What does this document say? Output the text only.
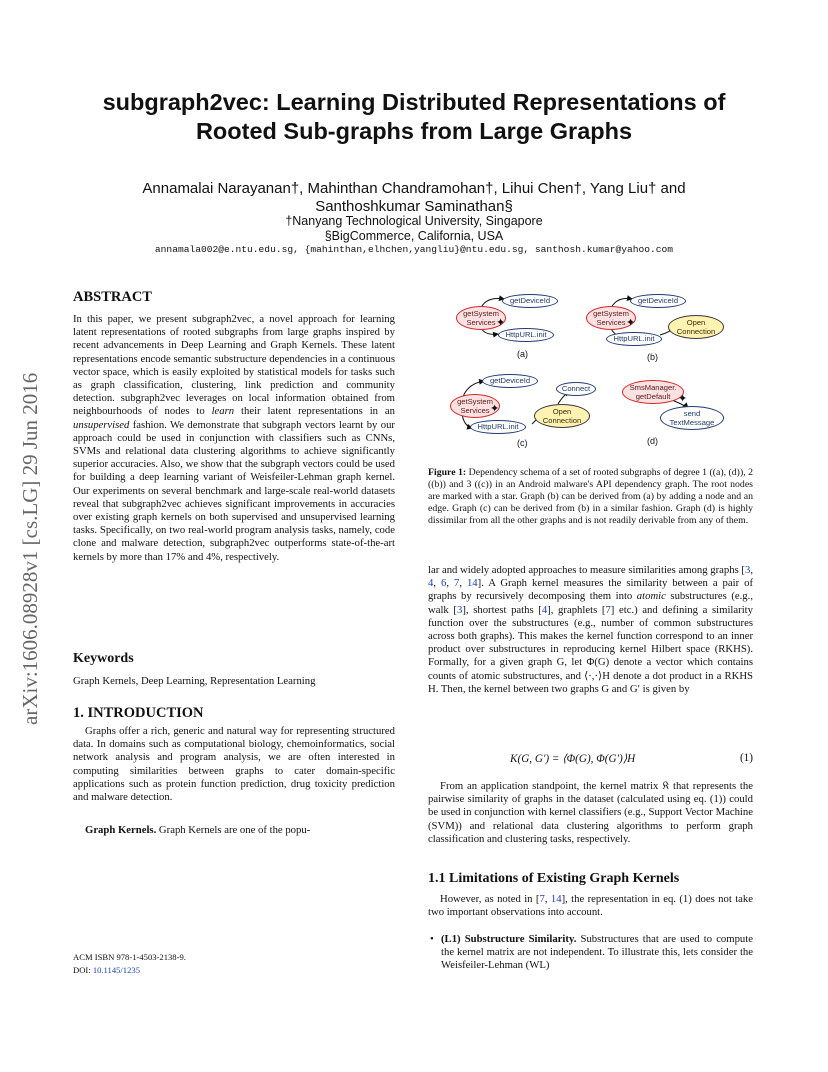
subgraph2vec: Learning Distributed Representations of
Rooted Sub-graphs from Large Graphs
Annamalai Narayanan†, Mahinthan Chandramohan†, Lihui Chen†, Yang Liu† and
Santhoshkumar Saminathan§
†Nanyang Technological University, Singapore
§BigCommerce, California, USA
annamala002@e.ntu.edu.sg, {mahinthan,elhchen,yangliu}@ntu.edu.sg, santhosh.kumar@yahoo.com
arXiv:1606.08928v1 [cs.LG] 29 Jun 2016
ABSTRACT

In this paper, we present subgraph2vec, a novel approach for learning latent representations of rooted subgraphs from large graphs inspired by recent advancements in Deep Learning and Graph Kernels. These latent representations encode semantic substructure dependencies in a continuous vector space, which is easily exploited by statistical models for tasks such as graph classification, clustering, link prediction and community detection. subgraph2vec leverages on local information obtained from neighbourhoods of nodes to learn their latent representations in an unsupervised fashion. We demonstrate that subgraph vectors learnt by our approach could be used in conjunction with classifiers such as CNNs, SVMs and relational data clustering algorithms to achieve significantly superior accuracies. Also, we show that the subgraph vectors could be used for building a deep learning variant of Weisfeiler-Lehman graph kernel. Our experiments on several benchmark and large-scale real-world datasets reveal that subgraph2vec achieves significant improvements in accuracies over existing graph kernels on both supervised and unsupervised learning tasks. Specifically, on two real-world program analysis tasks, namely, code clone and malware detection, subgraph2vec outperforms state-of-the-art kernels by more than 17% and 4%, respectively.

Keywords

Graph Kernels, Deep Learning, Representation Learning

1. INTRODUCTION

Graphs offer a rich, generic and natural way for representing structured data. In domains such as computational biology, chemoinformatics, social network analysis and program analysis, we are often interested in computing similarities between graphs to cater domain-specific applications such as protein function prediction, drug toxicity prediction and malware detection.

Graph Kernels. Graph Kernels are one of the popu-

ACM ISBN 978-1-4503-2138-9.
DOI: 10.1145/1235
getDeviceId
getSystem
Services ✦
HttpURL.init
(a)
getDeviceId
getSystem
Services ✦	Open
Connection
HttpURL.init
(b)
getDeviceId
getSystem
Services ✦	Open
Connection
Connect
HttpURL.init
(c)
SmsManager.
getDefault ✦
send
TextMessage
(d)

Figure 1: Dependency schema of a set of rooted subgraphs of degree 1 ((a), (d)), 2 ((b)) and 3 ((c)) in an Android malware's API dependency graph. The root nodes are marked with a star. Graph (b) can be derived from (a) by adding a node and an edge. Graph (c) can be derived from (b) in a similar fashion. Graph (d) is highly dissimilar from all the other graphs and is not readily derivable from any of them.

lar and widely adopted approaches to measure similarities among graphs [3, 4, 6, 7, 14]. A Graph kernel measures the similarity between a pair of graphs by recursively decomposing them into atomic substructures (e.g., walk [3], shortest paths [4], graphlets [7] etc.) and defining a similarity function over the substructures (e.g., number of common substructures across both graphs). This makes the kernel function correspond to an inner product over substructures in reproducing kernel Hilbert space (RKHS). Formally, for a given graph G, let Φ(G) denote a vector which contains counts of atomic substructures, and ⟨·,·⟩H denote a dot product in a RKHS H. Then, the kernel between two graphs G and G′ is given by

K(G, G′) = ⟨Φ(G), Φ(G′)⟩H	(1)

From an application standpoint, the kernel matrix 𝔎 that represents the pairwise similarity of graphs in the dataset (calculated using eq. (1)) could be used in conjunction with kernel classifiers (e.g., Support Vector Machine (SVM)) and relational data clustering algorithms to perform graph classification and clustering tasks, respectively.

1.1 Limitations of Existing Graph Kernels

However, as noted in [7, 14], the representation in eq. (1) does not take two important observations into account.

• (L1) Substructure Similarity. Substructures that are used to compute the kernel matrix are not independent. To illustrate this, lets consider the Weisfeiler-Lehman (WL)
